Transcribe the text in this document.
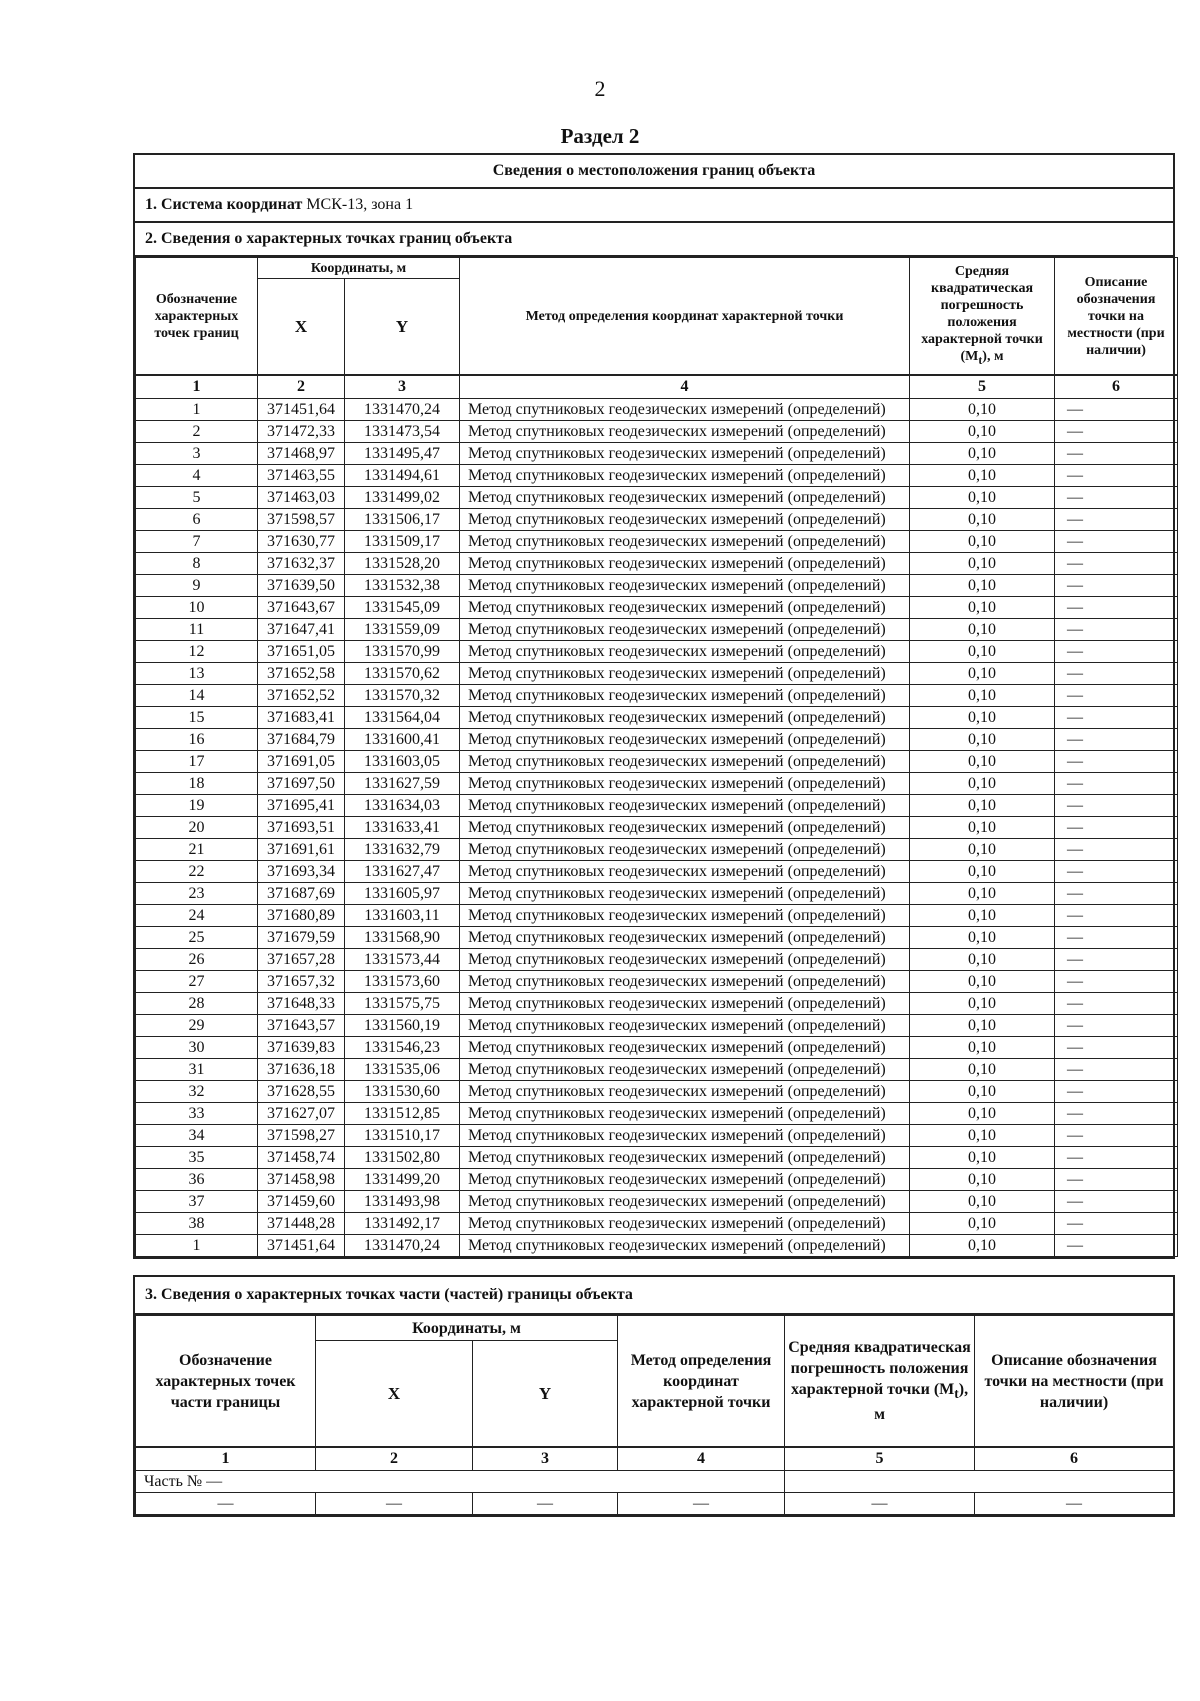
2
Раздел 2
Сведения о местоположения границ объекта
1. Система координат МСК-13, зона 1
2. Сведения о характерных точках границ объекта
Обозначение характерных точек границ	Координаты, м		Метод определения координат характерной точки	Средняя квадратическая погрешность положения характерной точки $(M_t)$, м	Описание обозначения точки на местности (при наличии)
	X	Y			
1	2	3	4	5	6
1	371451,64	1331470,24	Метод спутниковых геодезических измерений (определений)	0,10	—
2	371472,33	1331473,54	Метод спутниковых геодезических измерений (определений)	0,10	—
3	371468,97	1331495,47	Метод спутниковых геодезических измерений (определений)	0,10	—
4	371463,55	1331494,61	Метод спутниковых геодезических измерений (определений)	0,10	—
5	371463,03	1331499,02	Метод спутниковых геодезических измерений (определений)	0,10	—
6	371598,57	1331506,17	Метод спутниковых геодезических измерений (определений)	0,10	—
7	371630,77	1331509,17	Метод спутниковых геодезических измерений (определений)	0,10	—
8	371632,37	1331528,20	Метод спутниковых геодезических измерений (определений)	0,10	—
9	371639,50	1331532,38	Метод спутниковых геодезических измерений (определений)	0,10	—
10	371643,67	1331545,09	Метод спутниковых геодезических измерений (определений)	0,10	—
11	371647,41	1331559,09	Метод спутниковых геодезических измерений (определений)	0,10	—
12	371651,05	1331570,99	Метод спутниковых геодезических измерений (определений)	0,10	—
13	371652,58	1331570,62	Метод спутниковых геодезических измерений (определений)	0,10	—
14	371652,52	1331570,32	Метод спутниковых геодезических измерений (определений)	0,10	—
15	371683,41	1331564,04	Метод спутниковых геодезических измерений (определений)	0,10	—
16	371684,79	1331600,41	Метод спутниковых геодезических измерений (определений)	0,10	—
17	371691,05	1331603,05	Метод спутниковых геодезических измерений (определений)	0,10	—
18	371697,50	1331627,59	Метод спутниковых геодезических измерений (определений)	0,10	—
19	371695,41	1331634,03	Метод спутниковых геодезических измерений (определений)	0,10	—
20	371693,51	1331633,41	Метод спутниковых геодезических измерений (определений)	0,10	—
21	371691,61	1331632,79	Метод спутниковых геодезических измерений (определений)	0,10	—
22	371693,34	1331627,47	Метод спутниковых геодезических измерений (определений)	0,10	—
23	371687,69	1331605,97	Метод спутниковых геодезических измерений (определений)	0,10	—
24	371680,89	1331603,11	Метод спутниковых геодезических измерений (определений)	0,10	—
25	371679,59	1331568,90	Метод спутниковых геодезических измерений (определений)	0,10	—
26	371657,28	1331573,44	Метод спутниковых геодезических измерений (определений)	0,10	—
27	371657,32	1331573,60	Метод спутниковых геодезических измерений (определений)	0,10	—
28	371648,33	1331575,75	Метод спутниковых геодезических измерений (определений)	0,10	—
29	371643,57	1331560,19	Метод спутниковых геодезических измерений (определений)	0,10	—
30	371639,83	1331546,23	Метод спутниковых геодезических измерений (определений)	0,10	—
31	371636,18	1331535,06	Метод спутниковых геодезических измерений (определений)	0,10	—
32	371628,55	1331530,60	Метод спутниковых геодезических измерений (определений)	0,10	—
33	371627,07	1331512,85	Метод спутниковых геодезических измерений (определений)	0,10	—
34	371598,27	1331510,17	Метод спутниковых геодезических измерений (определений)	0,10	—
35	371458,74	1331502,80	Метод спутниковых геодезических измерений (определений)	0,10	—
36	371458,98	1331499,20	Метод спутниковых геодезических измерений (определений)	0,10	—
37	371459,60	1331493,98	Метод спутниковых геодезических измерений (определений)	0,10	—
38	371448,28	1331492,17	Метод спутниковых геодезических измерений (определений)	0,10	—
1	371451,64	1331470,24	Метод спутниковых геодезических измерений (определений)	0,10	—
3. Сведения о характерных точках части (частей) границы объекта
Обозначение характерных точек части границы	Координаты, м		Метод определения координат характерной точки	Средняя квадратическая погрешность положения характерной точки $(M_t)$, м	Описание обозначения точки на местности (при наличии)
	X	Y			
1	2	3	4	5	6
Часть № —					
—	—	—	—	—	—
